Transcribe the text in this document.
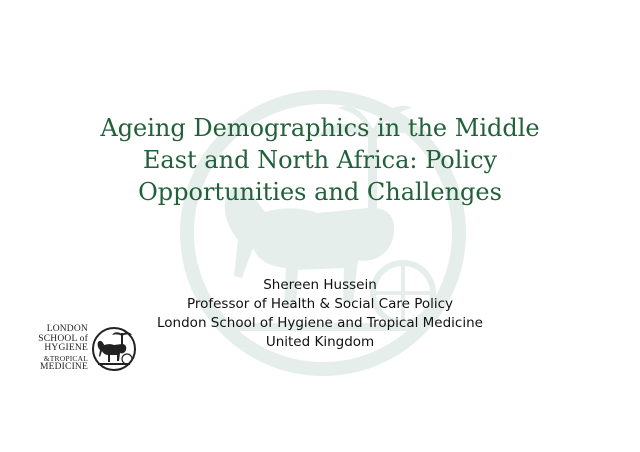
Ageing Demographics in the Middle
East and North Africa: Policy
Opportunities and Challenges
Shereen Hussein
Professor of Health & Social Care Policy
London School of Hygiene and Tropical Medicine
United Kingdom
LONDON
SCHOOL of
HYGIENE
&TROPICAL
MEDICINE
